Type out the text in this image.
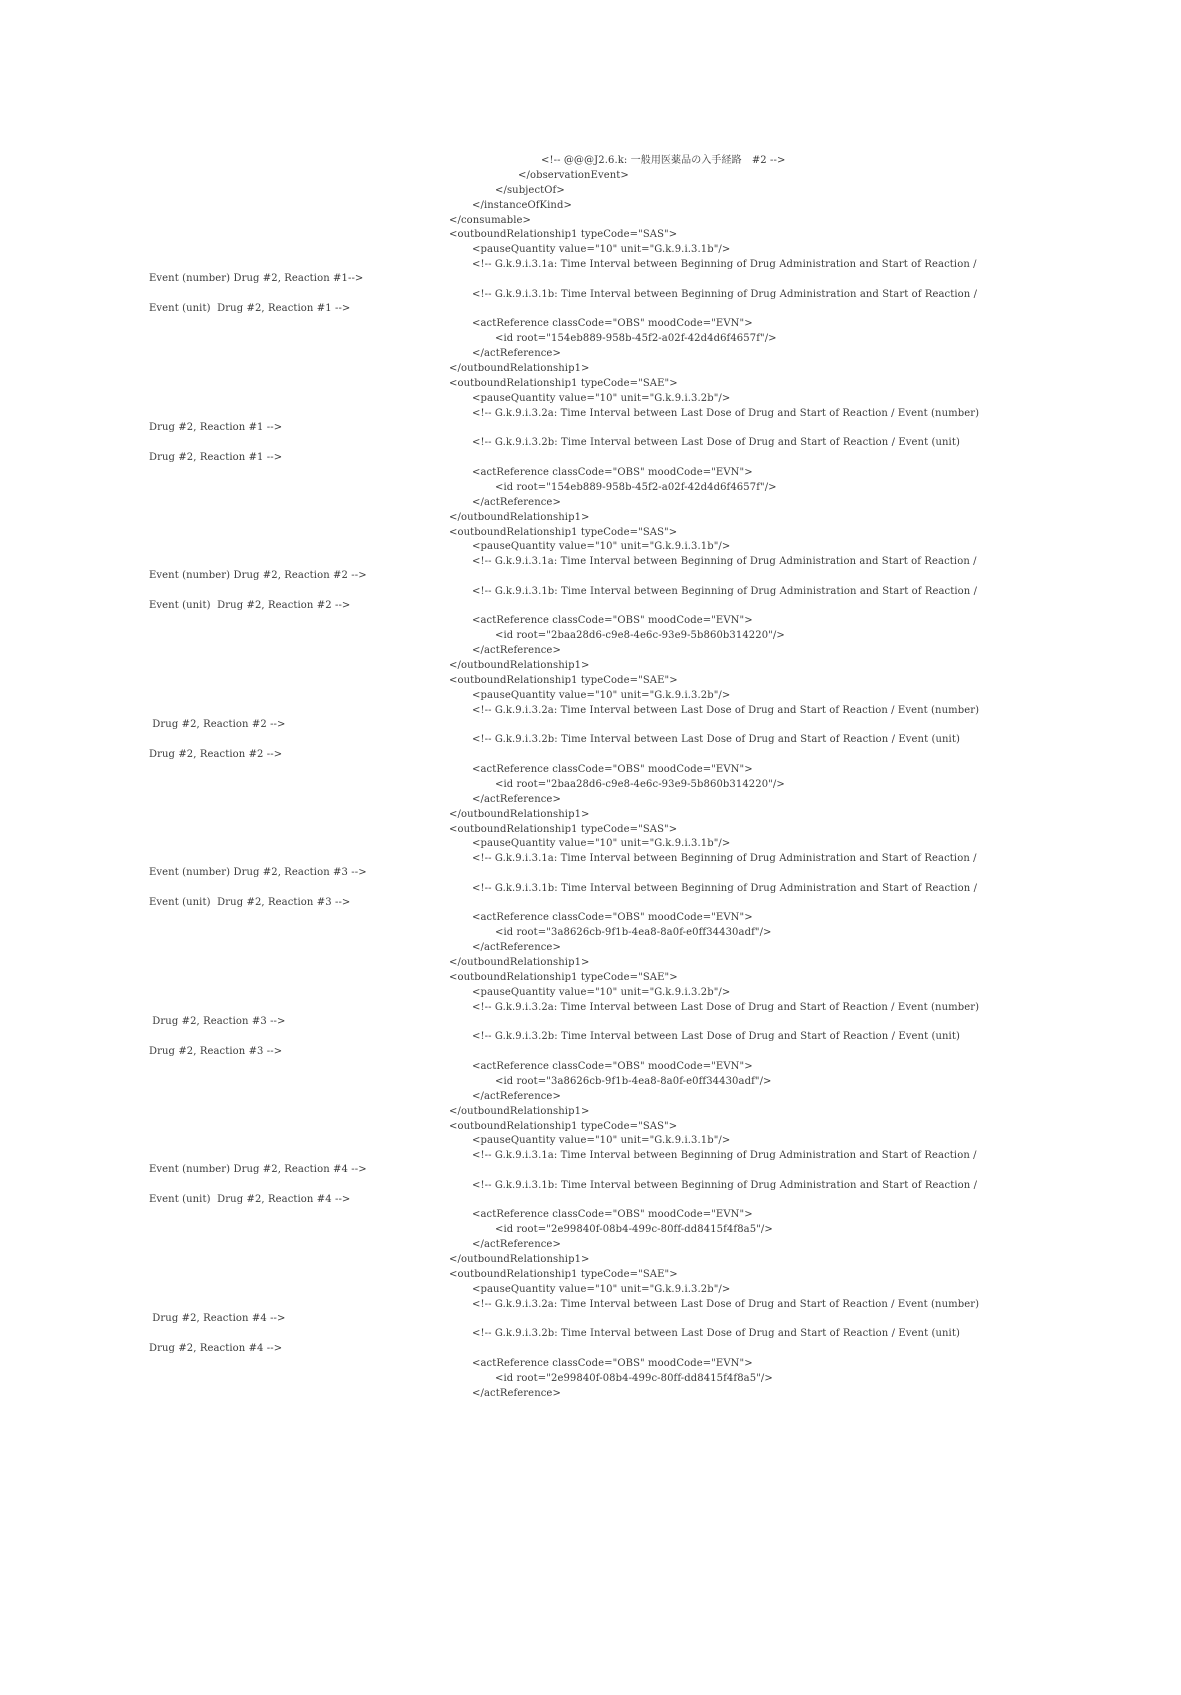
<!-- @@@J2.6.k: 一般用医薬品の入手経路　#2 -->
</observationEvent>
</subjectOf>
</instanceOfKind>
</consumable>
<outboundRelationship1 typeCode="SAS">
<pauseQuantity value="10" unit="G.k.9.i.3.1b"/>
<!-- G.k.9.i.3.1a: Time Interval between Beginning of Drug Administration and Start of Reaction /
<!-- G.k.9.i.3.1b: Time Interval between Beginning of Drug Administration and Start of Reaction /
<actReference classCode="OBS" moodCode="EVN">
<id root="154eb889-958b-45f2-a02f-42d4d6f4657f"/>
</actReference>
</outboundRelationship1>
<outboundRelationship1 typeCode="SAE">
<pauseQuantity value="10" unit="G.k.9.i.3.2b"/>
<!-- G.k.9.i.3.2a: Time Interval between Last Dose of Drug and Start of Reaction / Event (number)
<!-- G.k.9.i.3.2b: Time Interval between Last Dose of Drug and Start of Reaction / Event (unit)
<actReference classCode="OBS" moodCode="EVN">
<id root="154eb889-958b-45f2-a02f-42d4d6f4657f"/>
</actReference>
</outboundRelationship1>
<outboundRelationship1 typeCode="SAS">
<pauseQuantity value="10" unit="G.k.9.i.3.1b"/>
<!-- G.k.9.i.3.1a: Time Interval between Beginning of Drug Administration and Start of Reaction /
<!-- G.k.9.i.3.1b: Time Interval between Beginning of Drug Administration and Start of Reaction /
<actReference classCode="OBS" moodCode="EVN">
<id root="2baa28d6-c9e8-4e6c-93e9-5b860b314220"/>
</actReference>
</outboundRelationship1>
<outboundRelationship1 typeCode="SAE">
<pauseQuantity value="10" unit="G.k.9.i.3.2b"/>
<!-- G.k.9.i.3.2a: Time Interval between Last Dose of Drug and Start of Reaction / Event (number)
<!-- G.k.9.i.3.2b: Time Interval between Last Dose of Drug and Start of Reaction / Event (unit)
<actReference classCode="OBS" moodCode="EVN">
<id root="2baa28d6-c9e8-4e6c-93e9-5b860b314220"/>
</actReference>
</outboundRelationship1>
<outboundRelationship1 typeCode="SAS">
<pauseQuantity value="10" unit="G.k.9.i.3.1b"/>
<!-- G.k.9.i.3.1a: Time Interval between Beginning of Drug Administration and Start of Reaction /
<!-- G.k.9.i.3.1b: Time Interval between Beginning of Drug Administration and Start of Reaction /
<actReference classCode="OBS" moodCode="EVN">
<id root="3a8626cb-9f1b-4ea8-8a0f-e0ff34430adf"/>
</actReference>
</outboundRelationship1>
<outboundRelationship1 typeCode="SAE">
<pauseQuantity value="10" unit="G.k.9.i.3.2b"/>
<!-- G.k.9.i.3.2a: Time Interval between Last Dose of Drug and Start of Reaction / Event (number)
<!-- G.k.9.i.3.2b: Time Interval between Last Dose of Drug and Start of Reaction / Event (unit)
<actReference classCode="OBS" moodCode="EVN">
<id root="3a8626cb-9f1b-4ea8-8a0f-e0ff34430adf"/>
</actReference>
</outboundRelationship1>
<outboundRelationship1 typeCode="SAS">
<pauseQuantity value="10" unit="G.k.9.i.3.1b"/>
<!-- G.k.9.i.3.1a: Time Interval between Beginning of Drug Administration and Start of Reaction /
<!-- G.k.9.i.3.1b: Time Interval between Beginning of Drug Administration and Start of Reaction /
<actReference classCode="OBS" moodCode="EVN">
<id root="2e99840f-08b4-499c-80ff-dd8415f4f8a5"/>
</actReference>
</outboundRelationship1>
<outboundRelationship1 typeCode="SAE">
<pauseQuantity value="10" unit="G.k.9.i.3.2b"/>
<!-- G.k.9.i.3.2a: Time Interval between Last Dose of Drug and Start of Reaction / Event (number)
<!-- G.k.9.i.3.2b: Time Interval between Last Dose of Drug and Start of Reaction / Event (unit)
<actReference classCode="OBS" moodCode="EVN">
<id root="2e99840f-08b4-499c-80ff-dd8415f4f8a5"/>
</actReference>
Event (number) Drug #2, Reaction #1-->
Event (unit)  Drug #2, Reaction #1 -->
Drug #2, Reaction #1 -->
Drug #2, Reaction #1 -->
Event (number) Drug #2, Reaction #2 -->
Event (unit)  Drug #2, Reaction #2 -->
Drug #2, Reaction #2 -->
Drug #2, Reaction #2 -->
Event (number) Drug #2, Reaction #3 -->
Event (unit)  Drug #2, Reaction #3 -->
Drug #2, Reaction #3 -->
Drug #2, Reaction #3 -->
Event (number) Drug #2, Reaction #4 -->
Event (unit)  Drug #2, Reaction #4 -->
Drug #2, Reaction #4 -->
Drug #2, Reaction #4 -->
